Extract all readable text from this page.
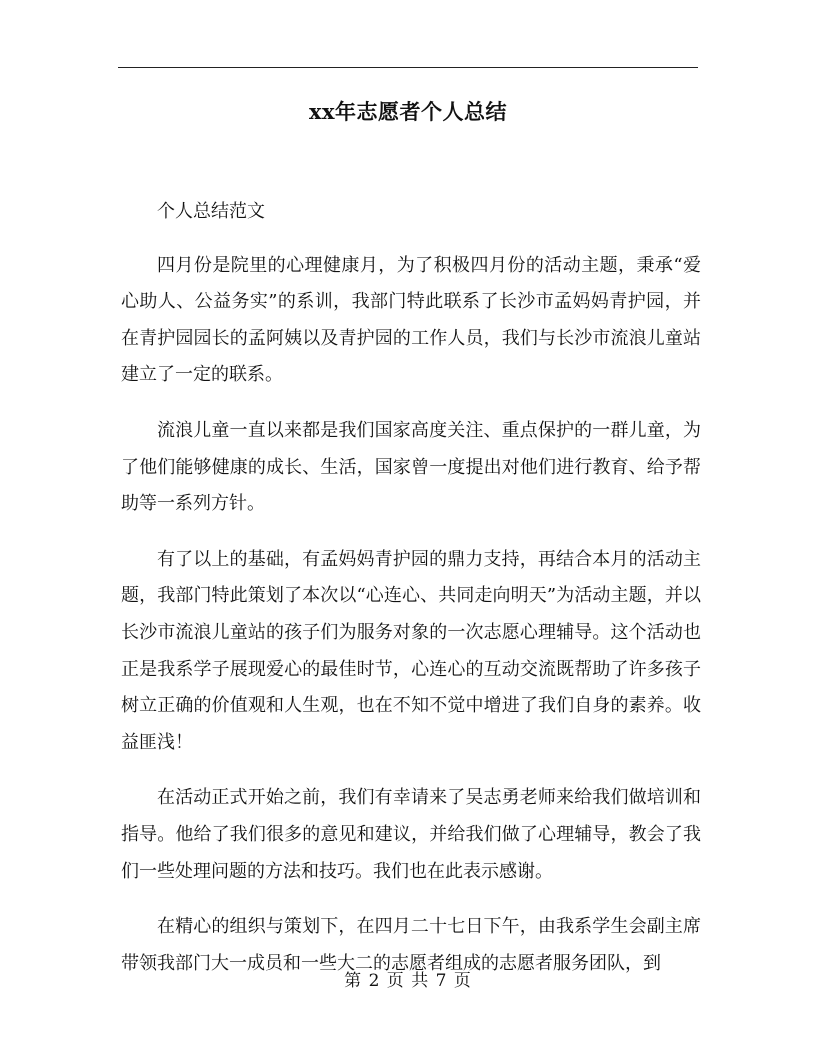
xx年志愿者个人总结

个人总结范文

四月份是院里的心理健康月，为了积极四月份的活动主题，秉承“爱心助人、公益务实”的系训，我部门特此联系了长沙市孟妈妈青护园，并在青护园园长的孟阿姨以及青护园的工作人员，我们与长沙市流浪儿童站建立了一定的联系。

流浪儿童一直以来都是我们国家高度关注、重点保护的一群儿童，为了他们能够健康的成长、生活，国家曾一度提出对他们进行教育、给予帮助等一系列方针。

有了以上的基础，有孟妈妈青护园的鼎力支持，再结合本月的活动主题，我部门特此策划了本次以“心连心、共同走向明天”为活动主题，并以长沙市流浪儿童站的孩子们为服务对象的一次志愿心理辅导。这个活动也正是我系学子展现爱心的最佳时节，心连心的互动交流既帮助了许多孩子树立正确的价值观和人生观，也在不知不觉中增进了我们自身的素养。收益匪浅！

在活动正式开始之前，我们有幸请来了吴志勇老师来给我们做培训和指导。他给了我们很多的意见和建议，并给我们做了心理辅导，教会了我们一些处理问题的方法和技巧。我们也在此表示感谢。

在精心的组织与策划下，在四月二十七日下午，由我系学生会副主席带领我部门大一成员和一些大二的志愿者组成的志愿者服务团队，到

第 2 页 共 7 页
